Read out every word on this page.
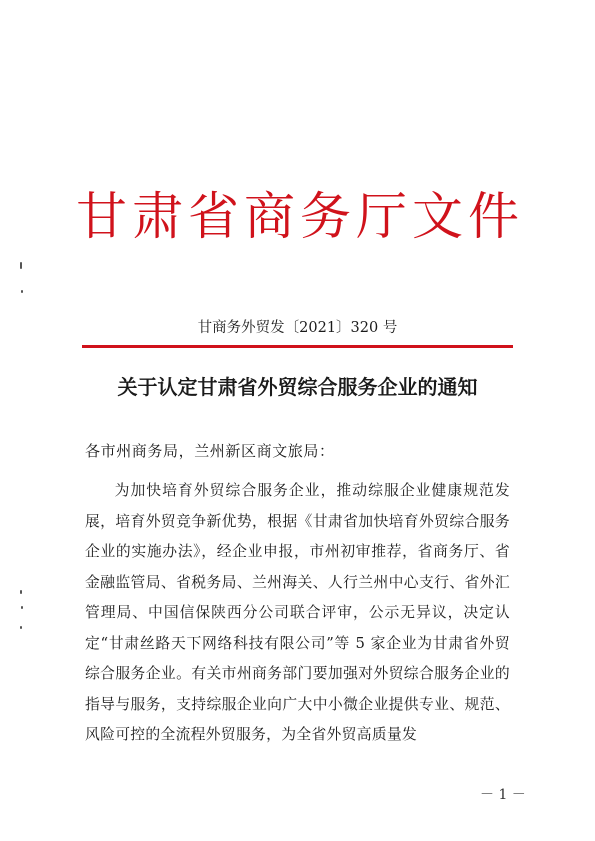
甘肃省商务厅文件
甘商务外贸发〔2021〕320 号
关于认定甘肃省外贸综合服务企业的通知
各市州商务局，兰州新区商文旅局：
为加快培育外贸综合服务企业，推动综服企业健康规范发展，培育外贸竞争新优势，根据《甘肃省加快培育外贸综合服务企业的实施办法》，经企业申报，市州初审推荐，省商务厅、省金融监管局、省税务局、兰州海关、人行兰州中心支行、省外汇管理局、中国信保陕西分公司联合评审，公示无异议，决定认定“甘肃丝路天下网络科技有限公司”等 5 家企业为甘肃省外贸综合服务企业。有关市州商务部门要加强对外贸综合服务企业的指导与服务，支持综服企业向广大中小微企业提供专业、规范、风险可控的全流程外贸服务，为全省外贸高质量发
－ 1 －
